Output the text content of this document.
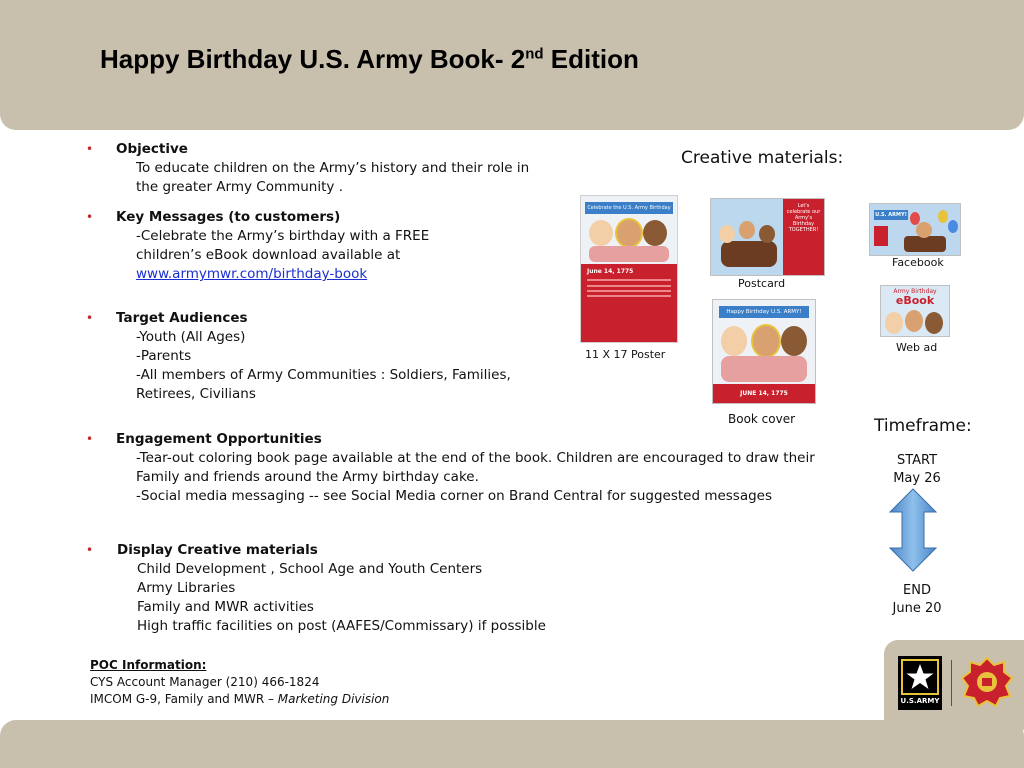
Happy Birthday U.S. Army Book- 2nd Edition
• Objective
To educate children on the Army’s history and their role in
the greater Army Community .
• Key Messages (to customers)
-Celebrate the Army’s birthday with a FREE
children’s eBook download available at
www.armymwr.com/birthday-book
• Target Audiences
-Youth (All Ages)
-Parents
-All members of Army Communities : Soldiers, Families,
Retirees, Civilians
• Engagement Opportunities
-Tear-out coloring book page available at the end of the book. Children are encouraged to draw their
Family and friends around the Army birthday cake.
-Social media messaging -- see Social Media corner on Brand Central for suggested messages
• Display Creative materials
Child Development , School Age and Youth Centers
Army Libraries
Family and MWR activities
High traffic facilities on post (AAFES/Commissary) if possible
Creative materials:
Celebrate the U.S. Army Birthday
June 14, 1775
11 X 17 Poster
Let's celebrate our Army's Birthday TOGETHER!
Postcard
U.S. ARMY!
Facebook
Army Birthday
eBook
Web ad
Happy Birthday U.S. ARMY!
JUNE 14, 1775
Book cover	Timeframe:
START
May 26
END
June 20
POC Information:
CYS Account Manager (210) 466-1824
IMCOM G-9, Family and MWR – Marketing Division	U.S.ARMY
